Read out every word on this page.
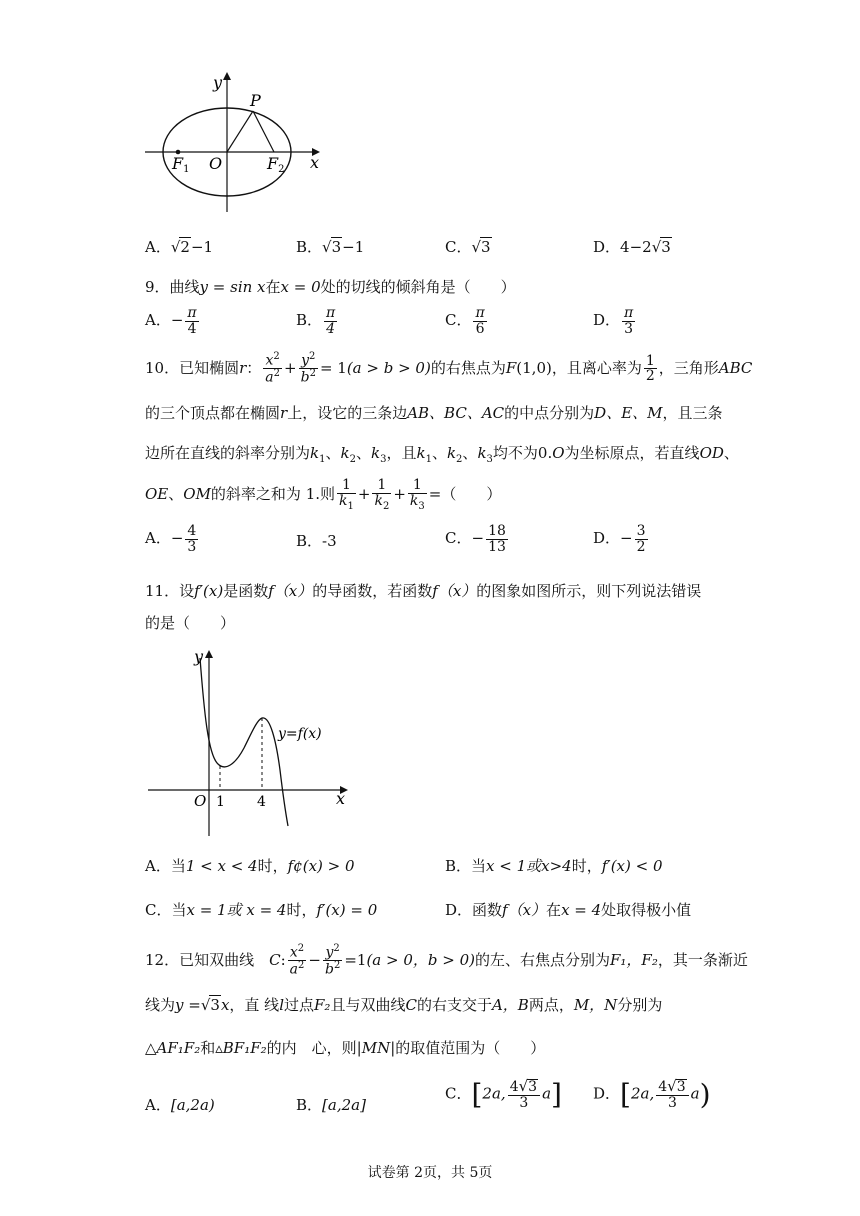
y
x
P
F1 O	F2
A．√2−1	B．√3−1	C．√3	D．4−2√3
9．曲线y = sin x在x = 0处的切线的倾斜角是（　　）
A．− $\frac{\pi}{4}$	B． $\frac{\pi}{4}$	C． $\frac{\pi}{6}$	D． $\frac{\pi}{3}$
10．已知椭圆r： $\frac{x^2}{a^2} + \frac{y^2}{b^2} = 1(a > b > 0)$的右焦点为F(1,0)，且离心率为 $\frac{1}{2}$ ，三角形ABC
的三个顶点都在椭圆r上，设它的三条边AB、BC、AC的中点分别为D、E、M，且三条
边所在直线的斜率分别为$k_1$、$k_2$、$k_3$，且$k_1$、$k_2$、$k_3$均不为0.O为坐标原点，若直线OD、
OE、OM的斜率之和为 1.则 $\frac{1}{k_1} + \frac{1}{k_2} + \frac{1}{k_3}$ =（　　）
A．− $\frac{4}{3}$	B．-3	C．− $\frac{18}{13}$	D．− $\frac{3}{2}$
11．设f′(x)是函数f（x）的导函数，若函数f（x）的图象如图所示，则下列说法错误
的是（　　）
y
x
O 1 4
y=f(x)
A．当1 < x < 4时，f¢(x) > 0	B．当x < 1或x>4时，f′(x) < 0
C．当x = 1或 x = 4时，f′(x) = 0	D．函数f（x）在x = 4处取得极小值
12．已知双曲线　 C: $\frac{x^2}{a^2} - \frac{y^2}{b^2} =1(a > 0$，b > 0)的左、右焦点分别为F₁，F₂，其一条渐近
线为y =√3x，直 线l过点F₂且与双曲线C的右支交于A，B两点，M，N分别为
△AF₁F₂和▵BF₁F₂的内　心，则|MN|的取值范围为（　　）
A．[a,2a)	B．[a,2a]
C．[2a, $\frac{4√3}{3} a$] D．[2a, $\frac{4√3}{3} a$)
试卷第 2页，共 5页
